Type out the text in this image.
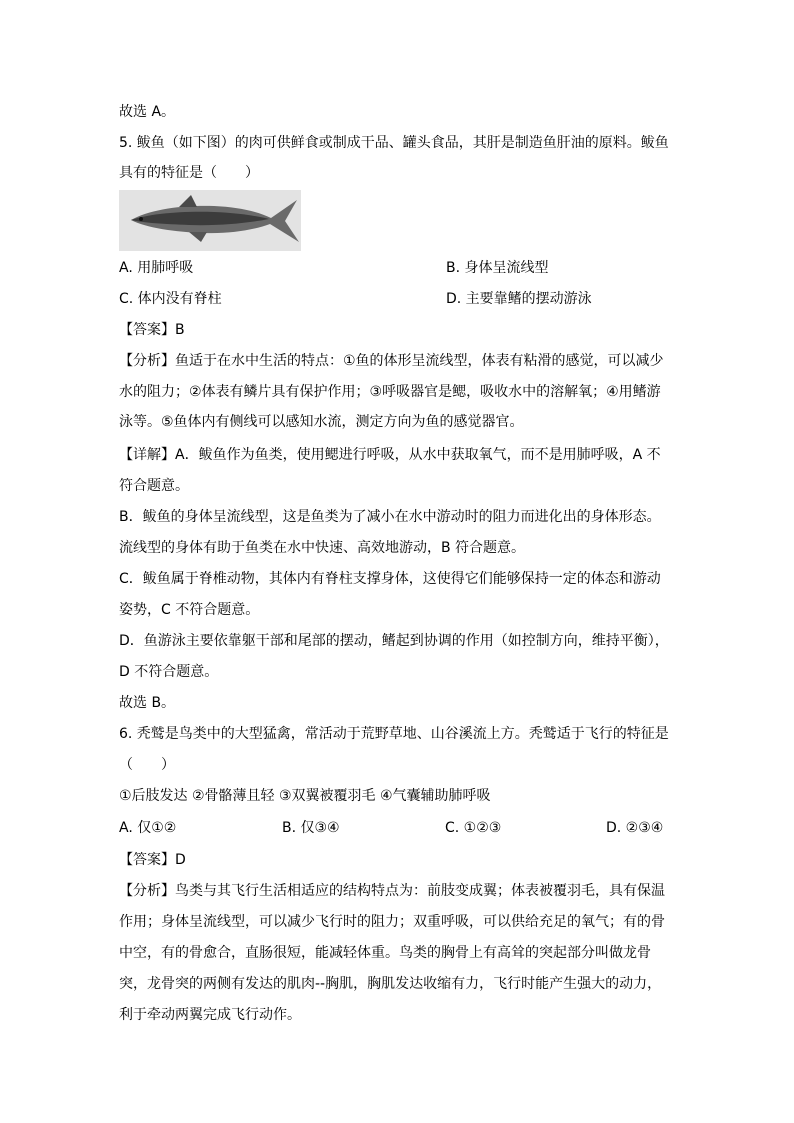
故选 A。
5. 鲅鱼（如下图）的肉可供鲜食或制成干品、罐头食品，其肝是制造鱼肝油的原料。鲅鱼
具有的特征是（　　）
A. 用肺呼吸	B. 身体呈流线型
C. 体内没有脊柱	D. 主要靠鳍的摆动游泳
【答案】B
【分析】鱼适于在水中生活的特点：①鱼的体形呈流线型，体表有粘滑的感觉，可以减少
水的阻力；②体表有鳞片具有保护作用；③呼吸器官是鳃，吸收水中的溶解氧；④用鳍游
泳等。⑤鱼体内有侧线可以感知水流，测定方向为鱼的感觉器官。
【详解】A．鲅鱼作为鱼类，使用鳃进行呼吸，从水中获取氧气，而不是用肺呼吸，A 不
符合题意。
B．鲅鱼的身体呈流线型，这是鱼类为了减小在水中游动时的阻力而进化出的身体形态。
流线型的身体有助于鱼类在水中快速、高效地游动，B 符合题意。
C．鲅鱼属于脊椎动物，其体内有脊柱支撑身体，这使得它们能够保持一定的体态和游动
姿势，C 不符合题意。
D．鱼游泳主要依靠躯干部和尾部的摆动，鳍起到协调的作用（如控制方向，维持平衡），
D 不符合题意。
故选 B。
6. 秃鹫是鸟类中的大型猛禽，常活动于荒野草地、山谷溪流上方。秃鹫适于飞行的特征是
（　　）
①后肢发达 ②骨骼薄且轻 ③双翼被覆羽毛 ④气囊辅助肺呼吸
A. 仅①②	B. 仅③④	C. ①②③	D. ②③④
【答案】D
【分析】鸟类与其飞行生活相适应的结构特点为：前肢变成翼；体表被覆羽毛，具有保温
作用；身体呈流线型，可以减少飞行时的阻力；双重呼吸，可以供给充足的氧气；有的骨
中空，有的骨愈合，直肠很短，能减轻体重。鸟类的胸骨上有高耸的突起部分叫做龙骨
突，龙骨突的两侧有发达的肌肉--胸肌，胸肌发达收缩有力，飞行时能产生强大的动力，
利于牵动两翼完成飞行动作。
